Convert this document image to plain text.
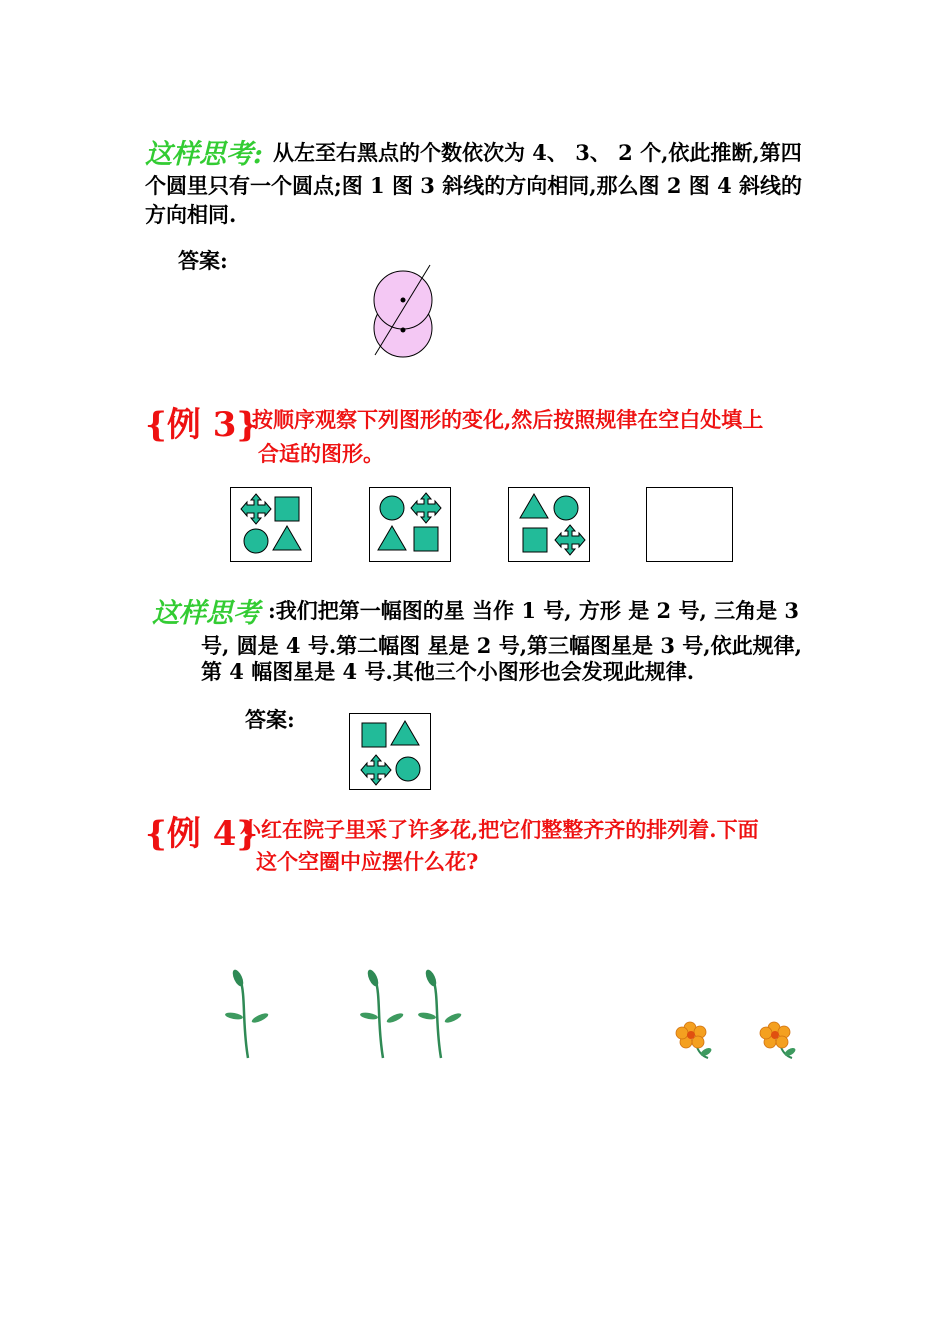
这样思考: 从左至右黑点的个数依次为 4、 3、 2 个,依此推断,第四
个圆里只有一个圆点;图 1 图 3 斜线的方向相同,那么图 2 图 4 斜线的
方向相同.
答案:
{例 3}
按顺序观察下列图形的变化,然后按照规律在空白处填上
合适的图形。
这样思考 :我们把第一幅图的星 当作 1 号, 方形 是 2 号, 三角是 3
号, 圆是 4 号.第二幅图 星是 2 号,第三幅图星是 3 号,依此规律,
第 4 幅图星是 4 号.其他三个小图形也会发现此规律.
答案:
{例 4}
小红在院子里采了许多花,把它们整整齐齐的排列着.下面
这个空圈中应摆什么花?
